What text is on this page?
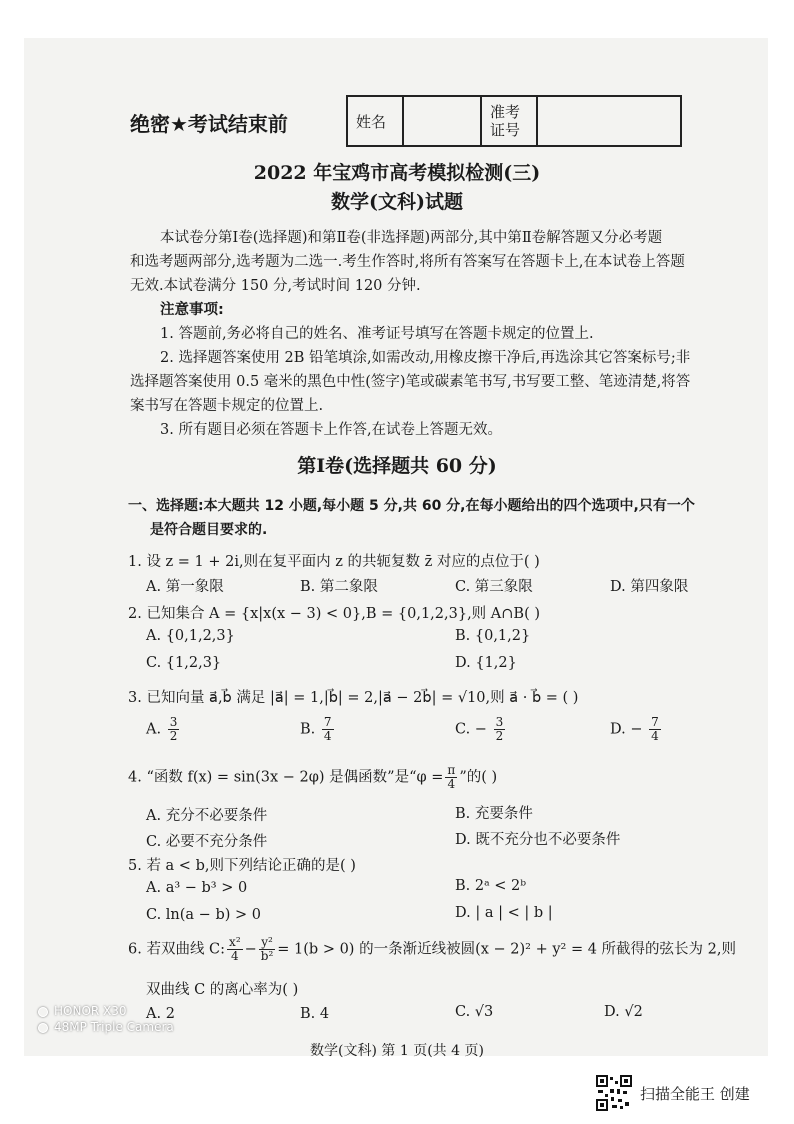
绝密★考试结束前	姓名		准考
证号	
2022 年宝鸡市高考模拟检测(三)
数学(文科)试题
本试卷分第Ⅰ卷(选择题)和第Ⅱ卷(非选择题)两部分,其中第Ⅱ卷解答题又分必考题
和选考题两部分,选考题为二选一.考生作答时,将所有答案写在答题卡上,在本试卷上答题
无效.本试卷满分 150 分,考试时间 120 分钟.
注意事项:
1. 答题前,务必将自己的姓名、准考证号填写在答题卡规定的位置上.
2. 选择题答案使用 2B 铅笔填涂,如需改动,用橡皮擦干净后,再选涂其它答案标号;非
选择题答案使用 0.5 毫米的黑色中性(签字)笔或碳素笔书写,书写要工整、笔迹清楚,将答
案书写在答题卡规定的位置上.
3. 所有题目必须在答题卡上作答,在试卷上答题无效。
第Ⅰ卷(选择题共 60 分)
一、选择题:本大题共 12 小题,每小题 5 分,共 60 分,在每小题给出的四个选项中,只有一个
是符合题目要求的.
1. 设 z = 1 + 2i,则在复平面内 z 的共轭复数 z̄ 对应的点位于( )
A. 第一象限	B. 第二象限	C. 第三象限	D. 第四象限
2. 已知集合 A = {x|x(x − 3) < 0},B = {0,1,2,3},则 A∩B( )
A. {0,1,2,3}	B. {0,1,2}
C. {1,2,3}	D. {1,2}
3. 已知向量 a⃗,b⃗ 满足 |a⃗| = 1,|b⃗| = 2,|a⃗ − 2b⃗| = √10,则 a⃗ · b⃗ = ( )
A. $\frac{3}{2}$	B. $\frac{7}{4}$	C. − $\frac{3}{2}$	D. − $\frac{7}{4}$
4. “函数 f(x) = sin(3x − 2φ) 是偶函数”是“$\varphi = \frac{\pi}{4}$ ”的( )
A. 充分不必要条件	B. 充要条件
C. 必要不充分条件	D. 既不充分也不必要条件
5. 若 a < b,则下列结论正确的是( )
A. a³ − b³ > 0	B. 2ᵃ < 2ᵇ
C. ln(a − b) > 0	D. | a | < | b |
6. 若双曲线 C: $\frac{\text{x²}}{4} - \frac{\text{y²}}{\text{b²}} = 1(b > 0)$ 的一条渐近线被圆(x − 2)² + y² = 4 所截得的弦长为 2,则
双曲线 C 的离心率为( )
A. 2	B. 4	C. √3	D. √2
HONOR X30
48MP Triple Camera
数学(文科) 第 1 页(共 4 页)
扫描全能王 创建
